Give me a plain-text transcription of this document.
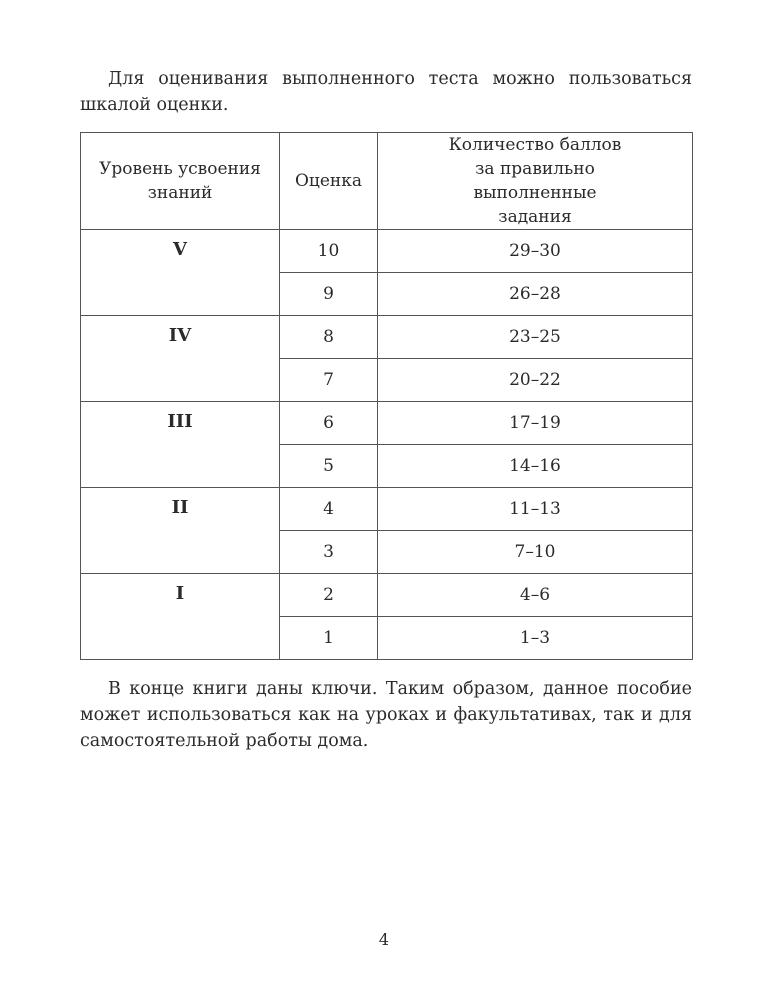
Для оценивания выполненного теста можно пользоваться шкалой оценки.

Уровень усвоения знаний	Оценка	Количество баллов за правильно выполненные задания
V	10	29–30
	9	26–28
IV	8	23–25
	7	20–22
III	6	17–19
	5	14–16
II	4	11–13
	3	7–10
I	2	4–6
	1	1–3

В конце книги даны ключи. Таким образом, данное пособие может использоваться как на уроках и факультативах, так и для самостоятельной работы дома.

4
